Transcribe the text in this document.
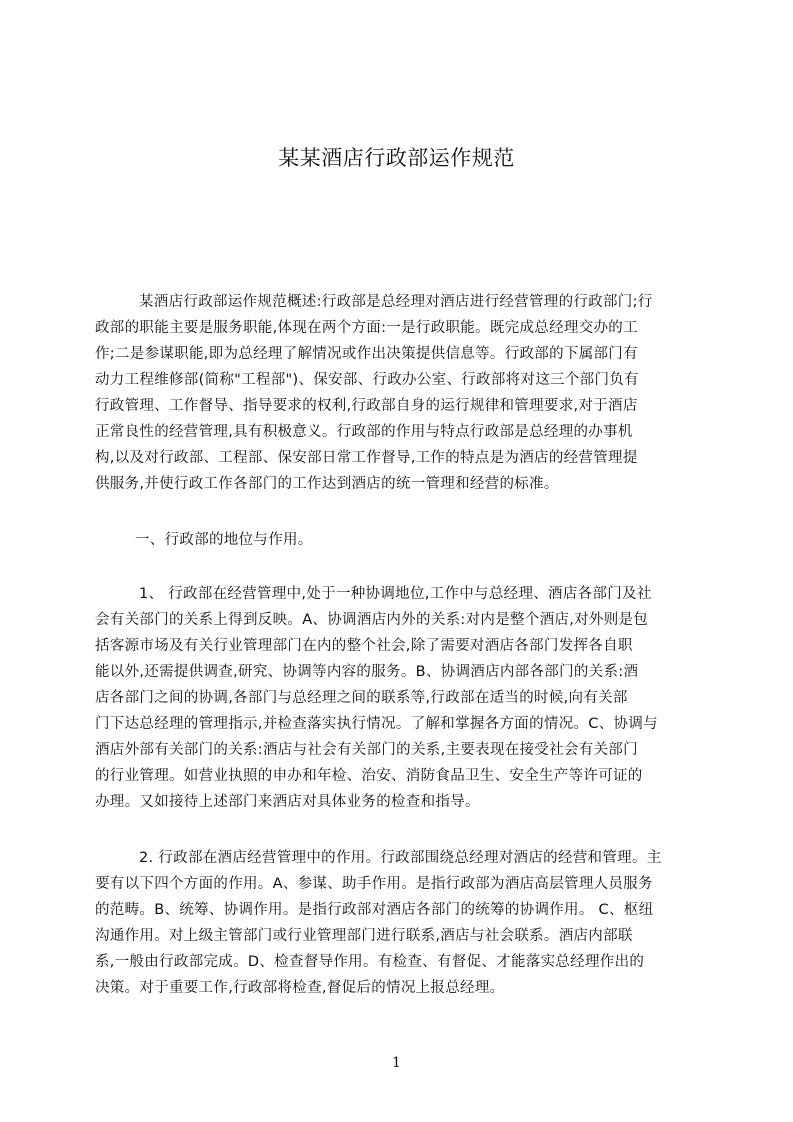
某某酒店行政部运作规范
某酒店行政部运作规范概述:行政部是总经理对酒店进行经营管理的行政部门;行
政部的职能主要是服务职能,体现在两个方面:一是行政职能。既完成总经理交办的工
作;二是参谋职能,即为总经理了解情况或作出决策提供信息等。行政部的下属部门有
动力工程维修部(简称"工程部")、保安部、行政办公室、行政部将对这三个部门负有
行政管理、工作督导、指导要求的权利,行政部自身的运行规律和管理要求,对于酒店
正常良性的经营管理,具有积极意义。行政部的作用与特点行政部是总经理的办事机
构,以及对行政部、工程部、保安部日常工作督导,工作的特点是为酒店的经营管理提
供服务,并使行政工作各部门的工作达到酒店的统一管理和经营的标准。
一、行政部的地位与作用。
1、 行政部在经营管理中,处于一种协调地位,工作中与总经理、酒店各部门及社
会有关部门的关系上得到反映。A、协调酒店内外的关系:对内是整个酒店,对外则是包
括客源市场及有关行业管理部门在内的整个社会,除了需要对酒店各部门发挥各自职
能以外,还需提供调查,研究、协调等内容的服务。B、协调酒店内部各部门的关系:酒
店各部门之间的协调,各部门与总经理之间的联系等,行政部在适当的时候,向有关部
门下达总经理的管理指示,并检查落实执行情况。了解和掌握各方面的情况。C、协调与
酒店外部有关部门的关系:酒店与社会有关部门的关系,主要表现在接受社会有关部门
的行业管理。如营业执照的申办和年检、治安、消防食品卫生、安全生产等许可证的
办理。又如接待上述部门来酒店对具体业务的检查和指导。
2. 行政部在酒店经营管理中的作用。行政部围绕总经理对酒店的经营和管理。主
要有以下四个方面的作用。A、参谋、助手作用。是指行政部为酒店高层管理人员服务
的范畴。B、统筹、协调作用。是指行政部对酒店各部门的统筹的协调作用。 C、枢纽
沟通作用。对上级主管部门或行业管理部门进行联系,酒店与社会联系。酒店内部联
系,一般由行政部完成。D、检查督导作用。有检查、有督促、才能落实总经理作出的
决策。对于重要工作,行政部将检查,督促后的情况上报总经理。
1
